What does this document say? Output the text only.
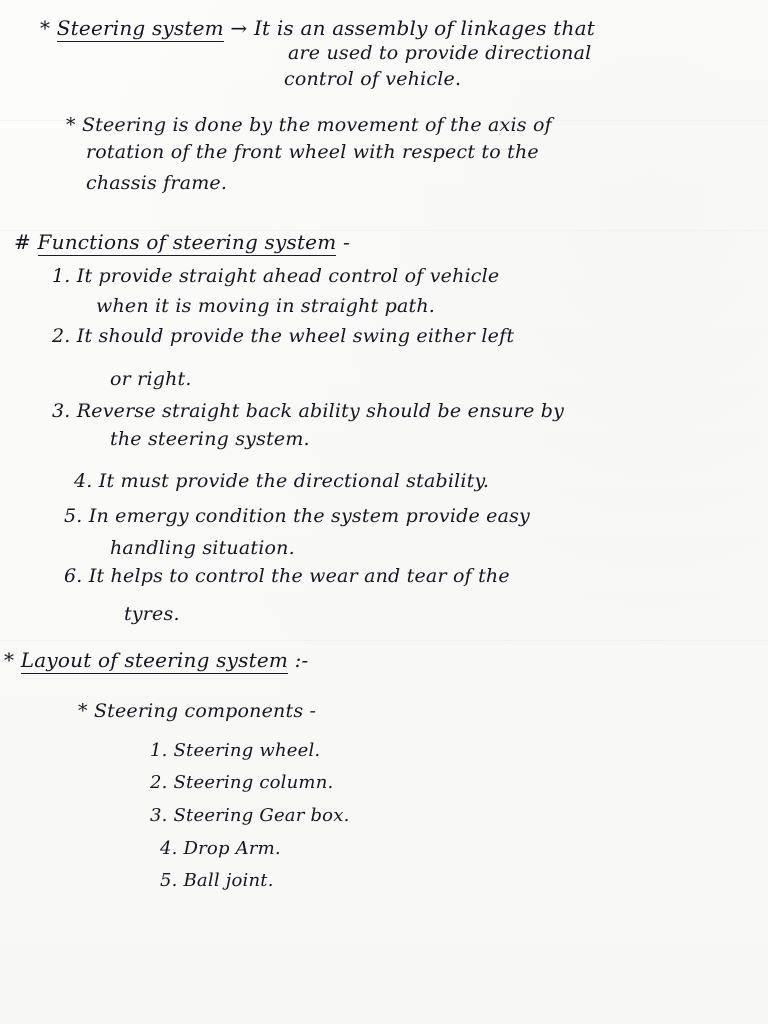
* Steering system → It is an assembly of linkages that
are used to provide directional
control of vehicle.
* Steering is done by the movement of the axis of
rotation of the front wheel with respect to the
chassis frame.
# Functions of steering system -
1. It provide straight ahead control of vehicle
when it is moving in straight path.
2. It should provide the wheel swing either left
or right.
3. Reverse straight back ability should be ensure by
the steering system.
4. It must provide the directional stability.
5. In emergy condition the system provide easy
handling situation.
6. It helps to control the wear and tear of the
tyres.
* Layout of steering system :-
* Steering components -
1. Steering wheel.
2. Steering column.
3. Steering Gear box.
4. Drop Arm.
5. Ball joint.
